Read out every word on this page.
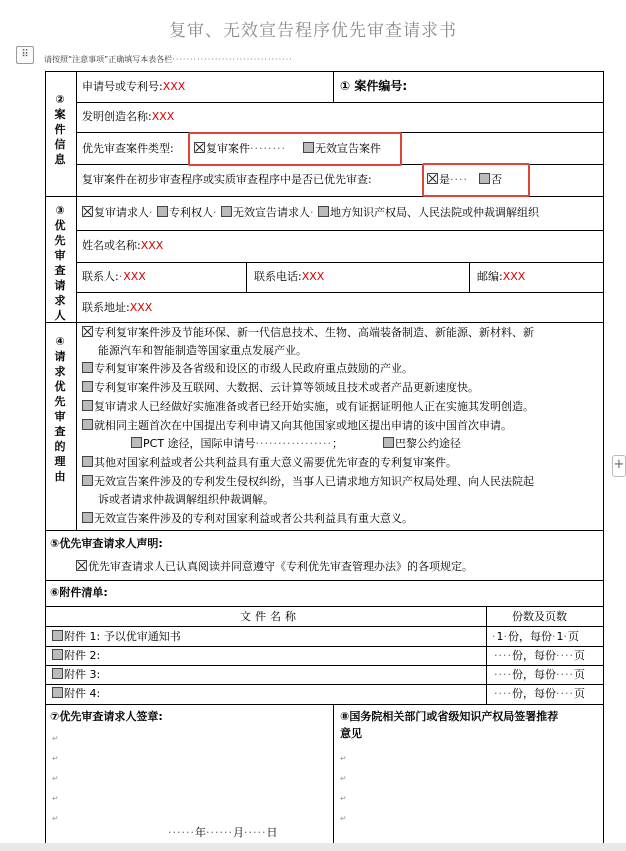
复审、无效宣告程序优先审查请求书
⠿	请按照“注意事项”正确填写本表各栏··································
+
②
案
件
信
息
申请号或专利号:XXX	① 案件编号:
发明创造名称:XXX
优先审查案件类型:	复审案件········	无效宣告案件
复审案件在初步审查程序或实质审查程序中是否已优先审查:	是····	否
③
优
先
审
查
请
求
人
复审请求人· 专利权人· 无效宣告请求人· 地方知识产权局、人民法院或仲裁调解组织
姓名或名称:XXX
联系人:·XXX	联系电话:XXX	邮编:XXX
联系地址:XXX
④
请
求
优
先
审
查
的
理
由
专利复审案件涉及节能环保、新一代信息技术、生物、高端装备制造、新能源、新材料、新
能源汽车和智能制造等国家重点发展产业。
专利复审案件涉及各省级和设区的市级人民政府重点鼓励的产业。
专利复审案件涉及互联网、大数据、云计算等领域且技术或者产品更新速度快。
复审请求人已经做好实施准备或者已经开始实施，或有证据证明他人正在实施其发明创造。
就相同主题首次在中国提出专利申请又向其他国家或地区提出申请的该中国首次申请。
PCT 途径，国际申请号·················；	巴黎公约途径
其他对国家利益或者公共利益具有重大意义需要优先审查的专利复审案件。
无效宣告案件涉及的专利发生侵权纠纷，当事人已请求地方知识产权局处理、向人民法院起
诉或者请求仲裁调解组织仲裁调解。
无效宣告案件涉及的专利对国家利益或者公共利益具有重大意义。
⑤优先审查请求人声明:
优先审查请求人已认真阅读并同意遵守《专利优先审查管理办法》的各项规定。
⑥附件清单:
文件名称	份数及页数
附件 1: 予以优审通知书	·1·份，每份·1·页
附件 2:	····份，每份····页
附件 3:	····份，每份····页
附件 4:	····份，每份····页
⑦优先审查请求人签章:	⑧国务院相关部门或省级知识产权局签署推荐
意见
↵
↵
↵
↵
↵
↵
↵
↵
↵
······年······月·····日
